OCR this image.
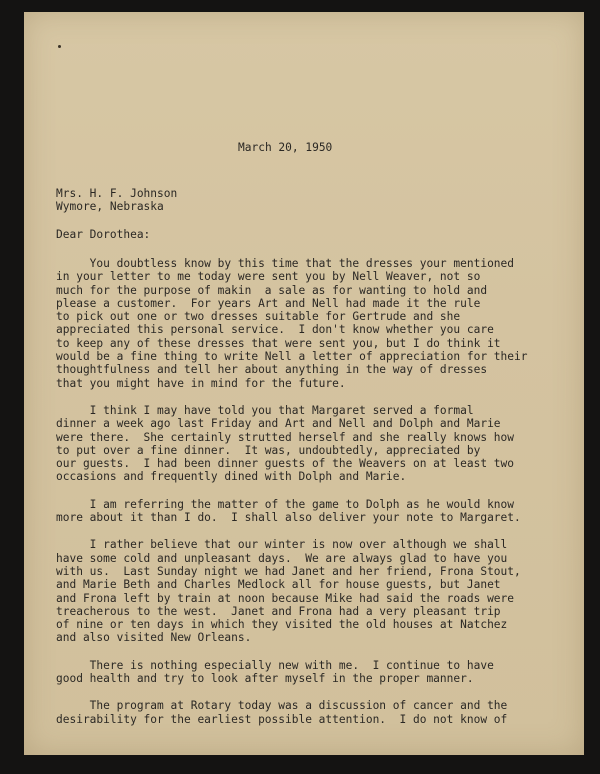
March 20, 1950
Mrs. H. F. Johnson
Wymore, Nebraska
Dear Dorothea:
You doubtless know by this time that the dresses your mentioned
in your letter to me today were sent you by Nell Weaver, not so
much for the purpose of makin  a sale as for wanting to hold and
please a customer.  For years Art and Nell had made it the rule
to pick out one or two dresses suitable for Gertrude and she
appreciated this personal service.  I don't know whether you care
to keep any of these dresses that were sent you, but I do think it
would be a fine thing to write Nell a letter of appreciation for their
thoughtfulness and tell her about anything in the way of dresses
that you might have in mind for the future.
I think I may have told you that Margaret served a formal
dinner a week ago last Friday and Art and Nell and Dolph and Marie
were there.  She certainly strutted herself and she really knows how
to put over a fine dinner.  It was, undoubtedly, appreciated by
our guests.  I had been dinner guests of the Weavers on at least two
occasions and frequently dined with Dolph and Marie.
I am referring the matter of the game to Dolph as he would know
more about it than I do.  I shall also deliver your note to Margaret.
I rather believe that our winter is now over although we shall
have some cold and unpleasant days.  We are always glad to have you
with us.  Last Sunday night we had Janet and her friend, Frona Stout,
and Marie Beth and Charles Medlock all for house guests, but Janet
and Frona left by train at noon because Mike had said the roads were
treacherous to the west.  Janet and Frona had a very pleasant trip
of nine or ten days in which they visited the old houses at Natchez
and also visited New Orleans.
There is nothing especially new with me.  I continue to have
good health and try to look after myself in the proper manner.
The program at Rotary today was a discussion of cancer and the
desirability for the earliest possible attention.  I do not know of
